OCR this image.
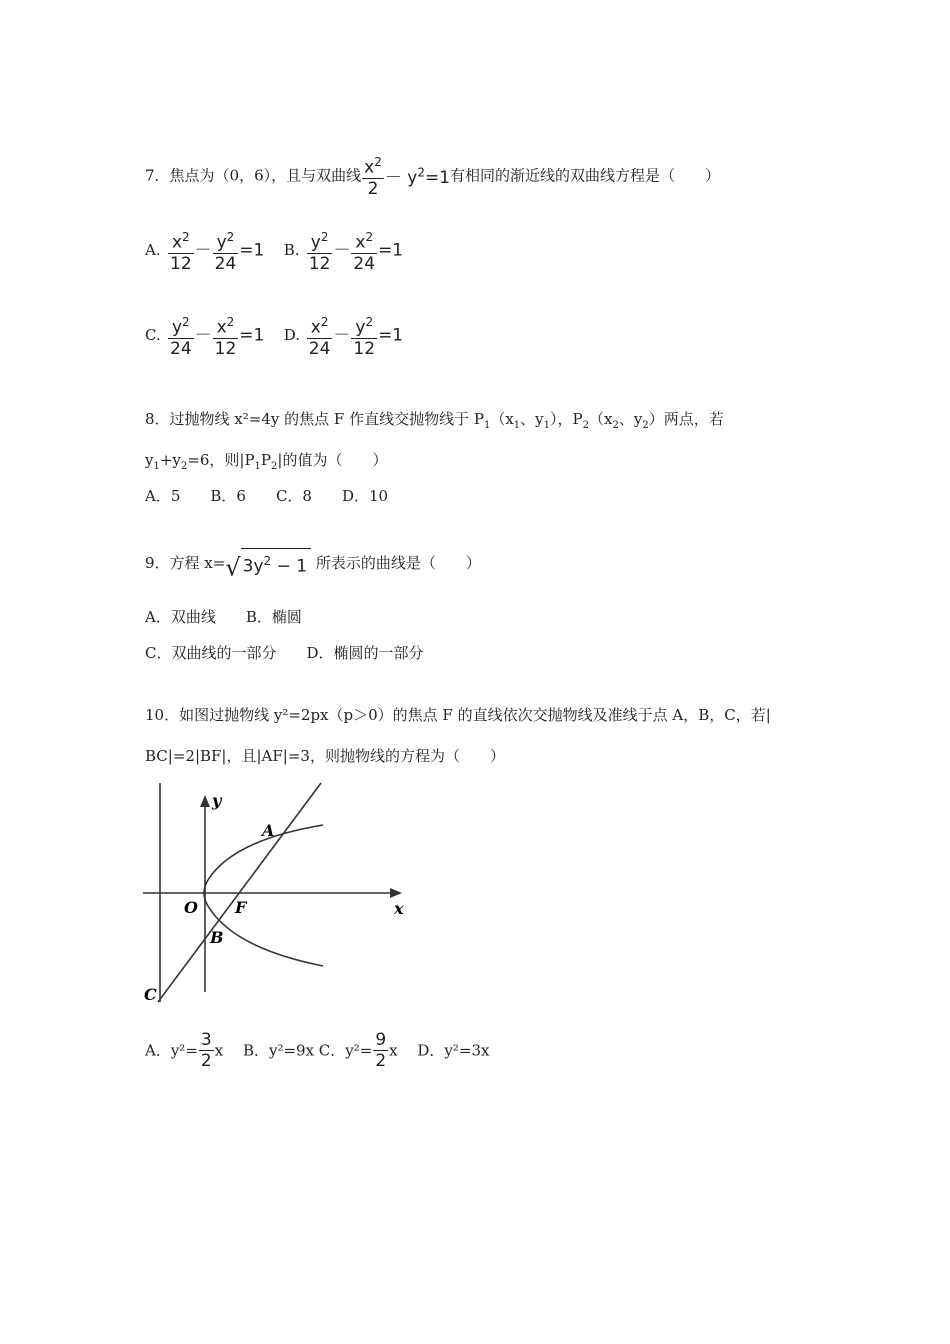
7．焦点为（0，6），且与双曲线 $\frac{x^2}{2} - y^2=1$有相同的渐近线的双曲线方程是（　　）
A. $\frac{x^2}{12} - \frac{y^2}{24} =1$ B. $\frac{y^2}{12} - \frac{x^2}{24} =1$
C. $\frac{y^2}{24} - \frac{x^2}{12} =1$ D. $\frac{x^2}{24} - \frac{y^2}{12} =1$
8．过抛物线 x²=4y 的焦点 F 作直线交抛物线于 $P_1(x_1$、$y_1$），$P_2(x_2$、$y_2$）两点，若
$y_1+y_2=6$，则$|P_1P_2|$的值为（　　）
A．5　　B．6　　C．8　　D．10
9．方程 x=√ $3y^2 - 1$ 所表示的曲线是（　　）
A．双曲线　　B．椭圆
C．双曲线的一部分　　D．椭圆的一部分
10．如图过抛物线 y²=2px（p＞0）的焦点 F 的直线依次交抛物线及准线于点 A，B，C，若|
BC|=2|BF|，且|AF|=3，则抛物线的方程为（　　）
y
x
A
O F
B
C
A．$y^2= \frac{3}{2}$ x　 B．y²=9x C．$y^2= \frac{9}{2}$ x　 D．y²=3x
